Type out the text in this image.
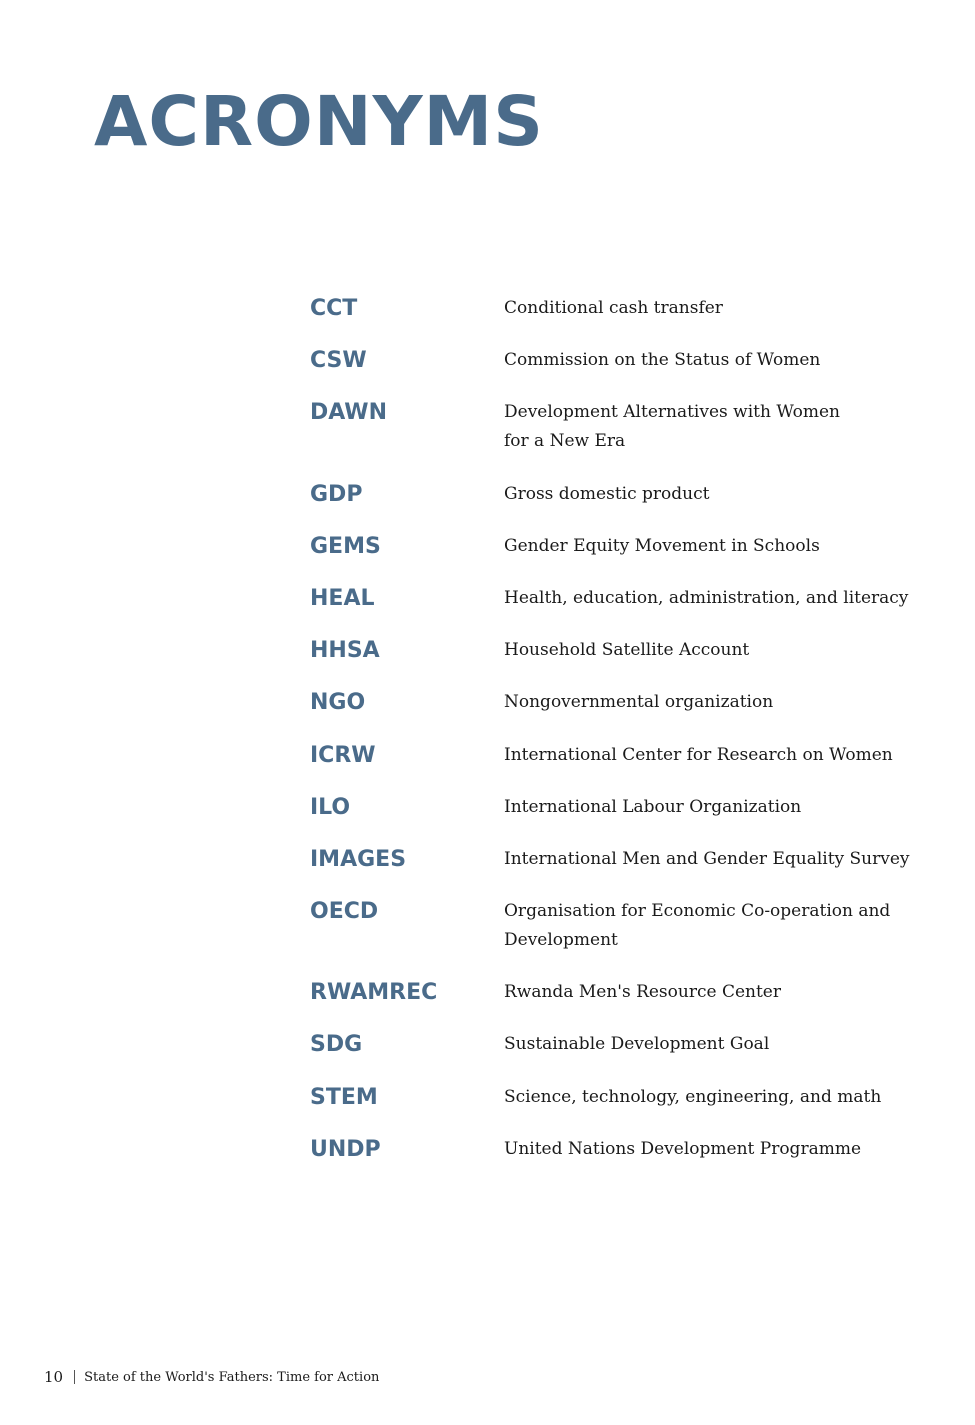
ACRONYMS
CCT	Conditional cash transfer
CSW	Commission on the Status of Women
DAWN	Development Alternatives with Women for a New Era
GDP	Gross domestic product
GEMS	Gender Equity Movement in Schools
HEAL	Health, education, administration, and literacy
HHSA	Household Satellite Account
NGO	Nongovernmental organization
ICRW	International Center for Research on Women
ILO	International Labour Organization
IMAGES	International Men and Gender Equality Survey
OECD	Organisation for Economic Co-operation and Development
RWAMREC	Rwanda Men's Resource Center
SDG	Sustainable Development Goal
STEM	Science, technology, engineering, and math
UNDP	United Nations Development Programme
10 State of the World's Fathers: Time for Action
